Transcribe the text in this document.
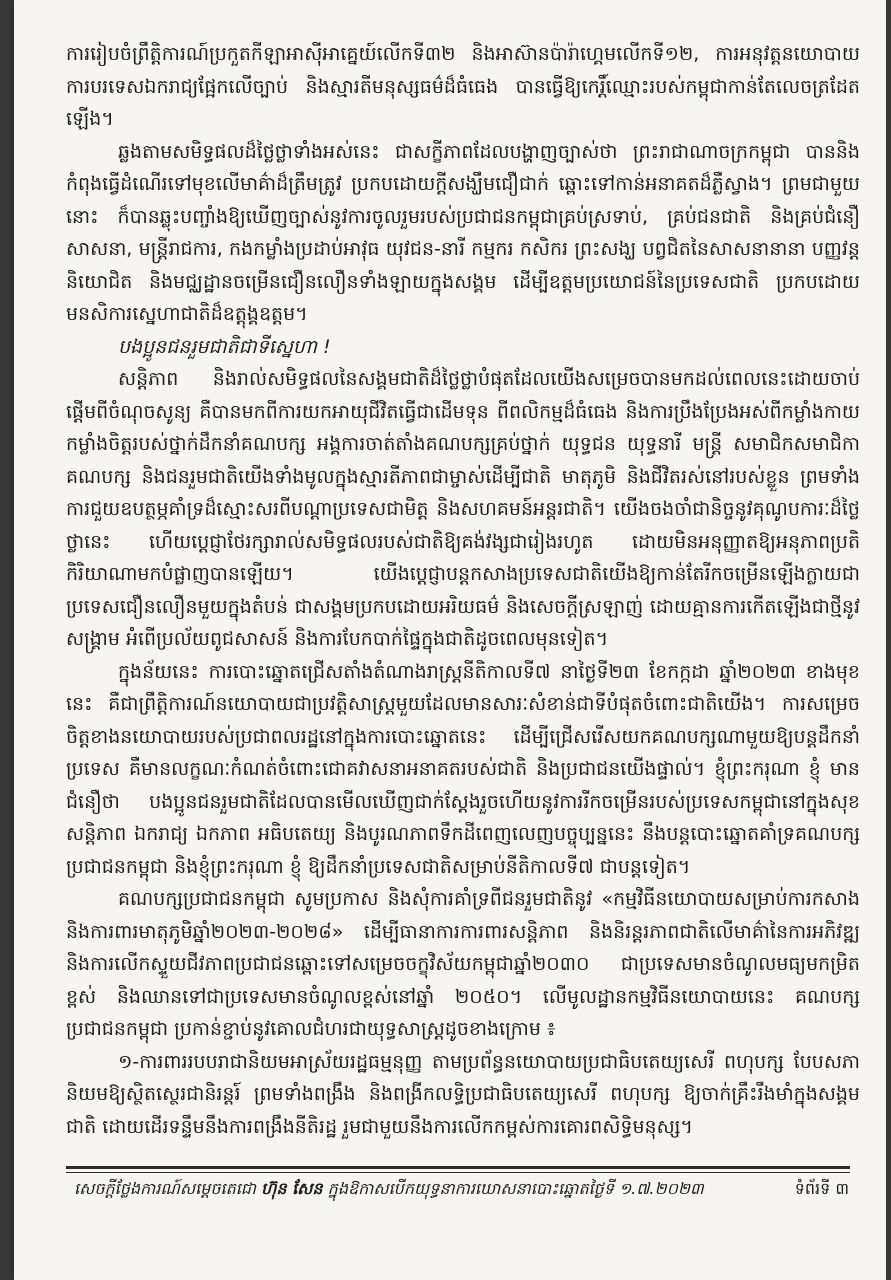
ការរៀបចំព្រឹត្តិការណ៍ប្រកួតកីឡាអាស៊ីអាគ្នេយ៍លើកទី៣២ និងអាស៊ានប៉ារ៉ាហ្គេមលើកទី១២, ការអនុវត្តនយោបាយការបរទេសឯករាជ្យផ្អែកលើច្បាប់ និងស្មារតីមនុស្សធម៌ដ៏ធំធេង បានធ្វើឱ្យកេរ្តិ៍ឈ្មោះរបស់កម្ពុជាកាន់តែលេចត្រដែតឡើង។

ឆ្លងតាមសមិទ្ធផលដ៏ថ្លៃថ្លាទាំងអស់នេះ ជាសក្ខីភាពដែលបង្ហាញច្បាស់ថា ព្រះរាជាណាចក្រកម្ពុជា បាននិងកំពុងធ្វើដំណើរទៅមុខលើមាគ៌ាដ៏ត្រឹមត្រូវ ប្រកបដោយក្តីសង្ឃឹមជឿជាក់ ឆ្ពោះទៅកាន់អនាគតដ៏ភ្លឺស្វាង។ ព្រមជាមួយនោះ ក៏បានឆ្លុះបញ្ចាំងឱ្យឃើញច្បាស់នូវការចូលរួមរបស់ប្រជាជនកម្ពុជាគ្រប់ស្រទាប់, គ្រប់ជនជាតិ និងគ្រប់ជំនឿសាសនា, មន្ត្រីរាជការ, កងកម្លាំងប្រដាប់អាវុធ យុវជន-នារី កម្មករ កសិករ ព្រះសង្ឃ បព្វជិតនៃសាសនានានា បញ្ញវន្ត និយោជិត និងមជ្ឈដ្ឋានចម្រើនជឿនលឿនទាំងឡាយក្នុងសង្គម ដើម្បីឧត្តមប្រយោជន៍នៃប្រទេសជាតិ ប្រកបដោយមនសិការស្នេហាជាតិដ៏ឧត្តុង្គឧត្តម។

បងប្អូនជនរួមជាតិជាទីស្នេហា !

សន្តិភាព និងរាល់សមិទ្ធផលនៃសង្គមជាតិដ៏ថ្លៃថ្លាបំផុតដែលយើងសម្រេចបានមកដល់ពេលនេះដោយចាប់ផ្តើមពីចំណុចសូន្យ គឺបានមកពីការយកអាយុជីវិតធ្វើជាដើមទុន ពីពលិកម្មដ៏ធំធេង និងការប្រឹងប្រែងអស់ពីកម្លាំងកាយ កម្លាំងចិត្តរបស់ថ្នាក់ដឹកនាំគណបក្ស អង្គការចាត់តាំងគណបក្សគ្រប់ថ្នាក់ យុទ្ធជន យុទ្ធនារី មន្ត្រី សមាជិកសមាជិកាគណបក្ស និងជនរួមជាតិយើងទាំងមូលក្នុងស្មារតីភាពជាម្ចាស់ដើម្បីជាតិ មាតុភូមិ និងជីវិតរស់នៅរបស់ខ្លួន ព្រមទាំងការជួយឧបត្ថម្ភគាំទ្រដ៏ស្មោះសរពីបណ្តាប្រទេសជាមិត្ត និងសហគមន៍អន្តរជាតិ។ យើងចងចាំជានិច្ចនូវគុណូបការៈដ៏ថ្លៃថ្លានេះ ហើយប្តេជ្ញាថែរក្សារាល់សមិទ្ធផលរបស់ជាតិឱ្យគង់វង្សជារៀងរហូត ដោយមិនអនុញ្ញាតឱ្យអនុភាពប្រតិកិរិយាណាមកបំផ្លាញបានឡើយ។ យើងប្តេជ្ញាបន្តកសាងប្រទេសជាតិយើងឱ្យកាន់តែរីកចម្រើនឡើងក្លាយជាប្រទេសជឿនលឿនមួយក្នុងតំបន់ ជាសង្គមប្រកបដោយអរិយធម៌ និងសេចក្តីស្រឡាញ់ ដោយគ្មានការកើតឡើងជាថ្មីនូវសង្គ្រាម អំពើប្រល័យពូជសាសន៍ និងការបែកបាក់ផ្ទៃក្នុងជាតិដូចពេលមុនទៀត។

ក្នុងន័យនេះ ការបោះឆ្នោតជ្រើសតាំងតំណាងរាស្ត្រនីតិកាលទី៧ នាថ្ងៃទី២៣ ខែកក្កដា ឆ្នាំ២០២៣ ខាងមុខនេះ គឺជាព្រឹត្តិការណ៍នយោបាយជាប្រវត្តិសាស្ត្រមួយដែលមានសារៈសំខាន់ជាទីបំផុតចំពោះជាតិយើង។ ការសម្រេចចិត្តខាងនយោបាយរបស់ប្រជាពលរដ្ឋនៅក្នុងការបោះឆ្នោតនេះ ដើម្បីជ្រើសរើសយកគណបក្សណាមួយឱ្យបន្តដឹកនាំប្រទេស គឺមានលក្ខណៈកំណត់ចំពោះជោគវាសនាអនាគតរបស់ជាតិ និងប្រជាជនយើងផ្ទាល់។ ខ្ញុំព្រះករុណា ខ្ញុំ មានជំនឿថា បងប្អូនជនរួមជាតិដែលបានមើលឃើញជាក់ស្តែងរួចហើយនូវការរីកចម្រើនរបស់ប្រទេសកម្ពុជានៅក្នុងសុខសន្តិភាព ឯករាជ្យ ឯកភាព អធិបតេយ្យ និងបូរណភាពទឹកដីពេញលេញបច្ចុប្បន្ននេះ នឹងបន្តបោះឆ្នោតគាំទ្រគណបក្សប្រជាជនកម្ពុជា និងខ្ញុំព្រះករុណា ខ្ញុំ ឱ្យដឹកនាំប្រទេសជាតិសម្រាប់នីតិកាលទី៧ ជាបន្តទៀត។

គណបក្សប្រជាជនកម្ពុជា សូមប្រកាស និងសុំការគាំទ្រពីជនរួមជាតិនូវ «កម្មវិធីនយោបាយសម្រាប់ការកសាង និងការពារមាតុភូមិឆ្នាំ២០២៣-២០២៨» ដើម្បីធានាការការពារសន្តិភាព និងនិរន្តរភាពជាតិលើមាគ៌ានៃការអភិវឌ្ឍ និងការលើកស្ទួយជីវភាពប្រជាជនឆ្ពោះទៅសម្រេចចក្ខុវិស័យកម្ពុជាឆ្នាំ២០៣០ ជាប្រទេសមានចំណូលមធ្យមកម្រិតខ្ពស់ និងឈានទៅជាប្រទេសមានចំណូលខ្ពស់នៅឆ្នាំ ២០៥០។ លើមូលដ្ឋានកម្មវិធីនយោបាយនេះ គណបក្សប្រជាជនកម្ពុជា ប្រកាន់ខ្ជាប់នូវគោលជំហរជាយុទ្ធសាស្ត្រដូចខាងក្រោម ៖

១-ការពាររបបរាជានិយមអាស្រ័យរដ្ឋធម្មនុញ្ញ តាមប្រព័ន្ធនយោបាយប្រជាធិបតេយ្យសេរី ពហុបក្ស បែបសភានិយមឱ្យស្ថិតស្ថេរជានិរន្តរ៍ ព្រមទាំងពង្រឹង និងពង្រីកលទ្ធិប្រជាធិបតេយ្យសេរី ពហុបក្ស ឱ្យចាក់គ្រឹះរឹងមាំក្នុងសង្គមជាតិ ដោយដើរទន្ទឹមនឹងការពង្រឹងនីតិរដ្ឋ រួមជាមួយនឹងការលើកកម្ពស់ការគោរពសិទ្ធិមនុស្ស។

សេចក្តីថ្លែងការណ៍សម្តេចតេជោ ហ៊ុន សែន ក្នុងឱកាសបើកយុទ្ធនាការឃោសនាបោះឆ្នោតថ្ងៃទី ១.៧.២០២៣	ទំព័រទី ៣
